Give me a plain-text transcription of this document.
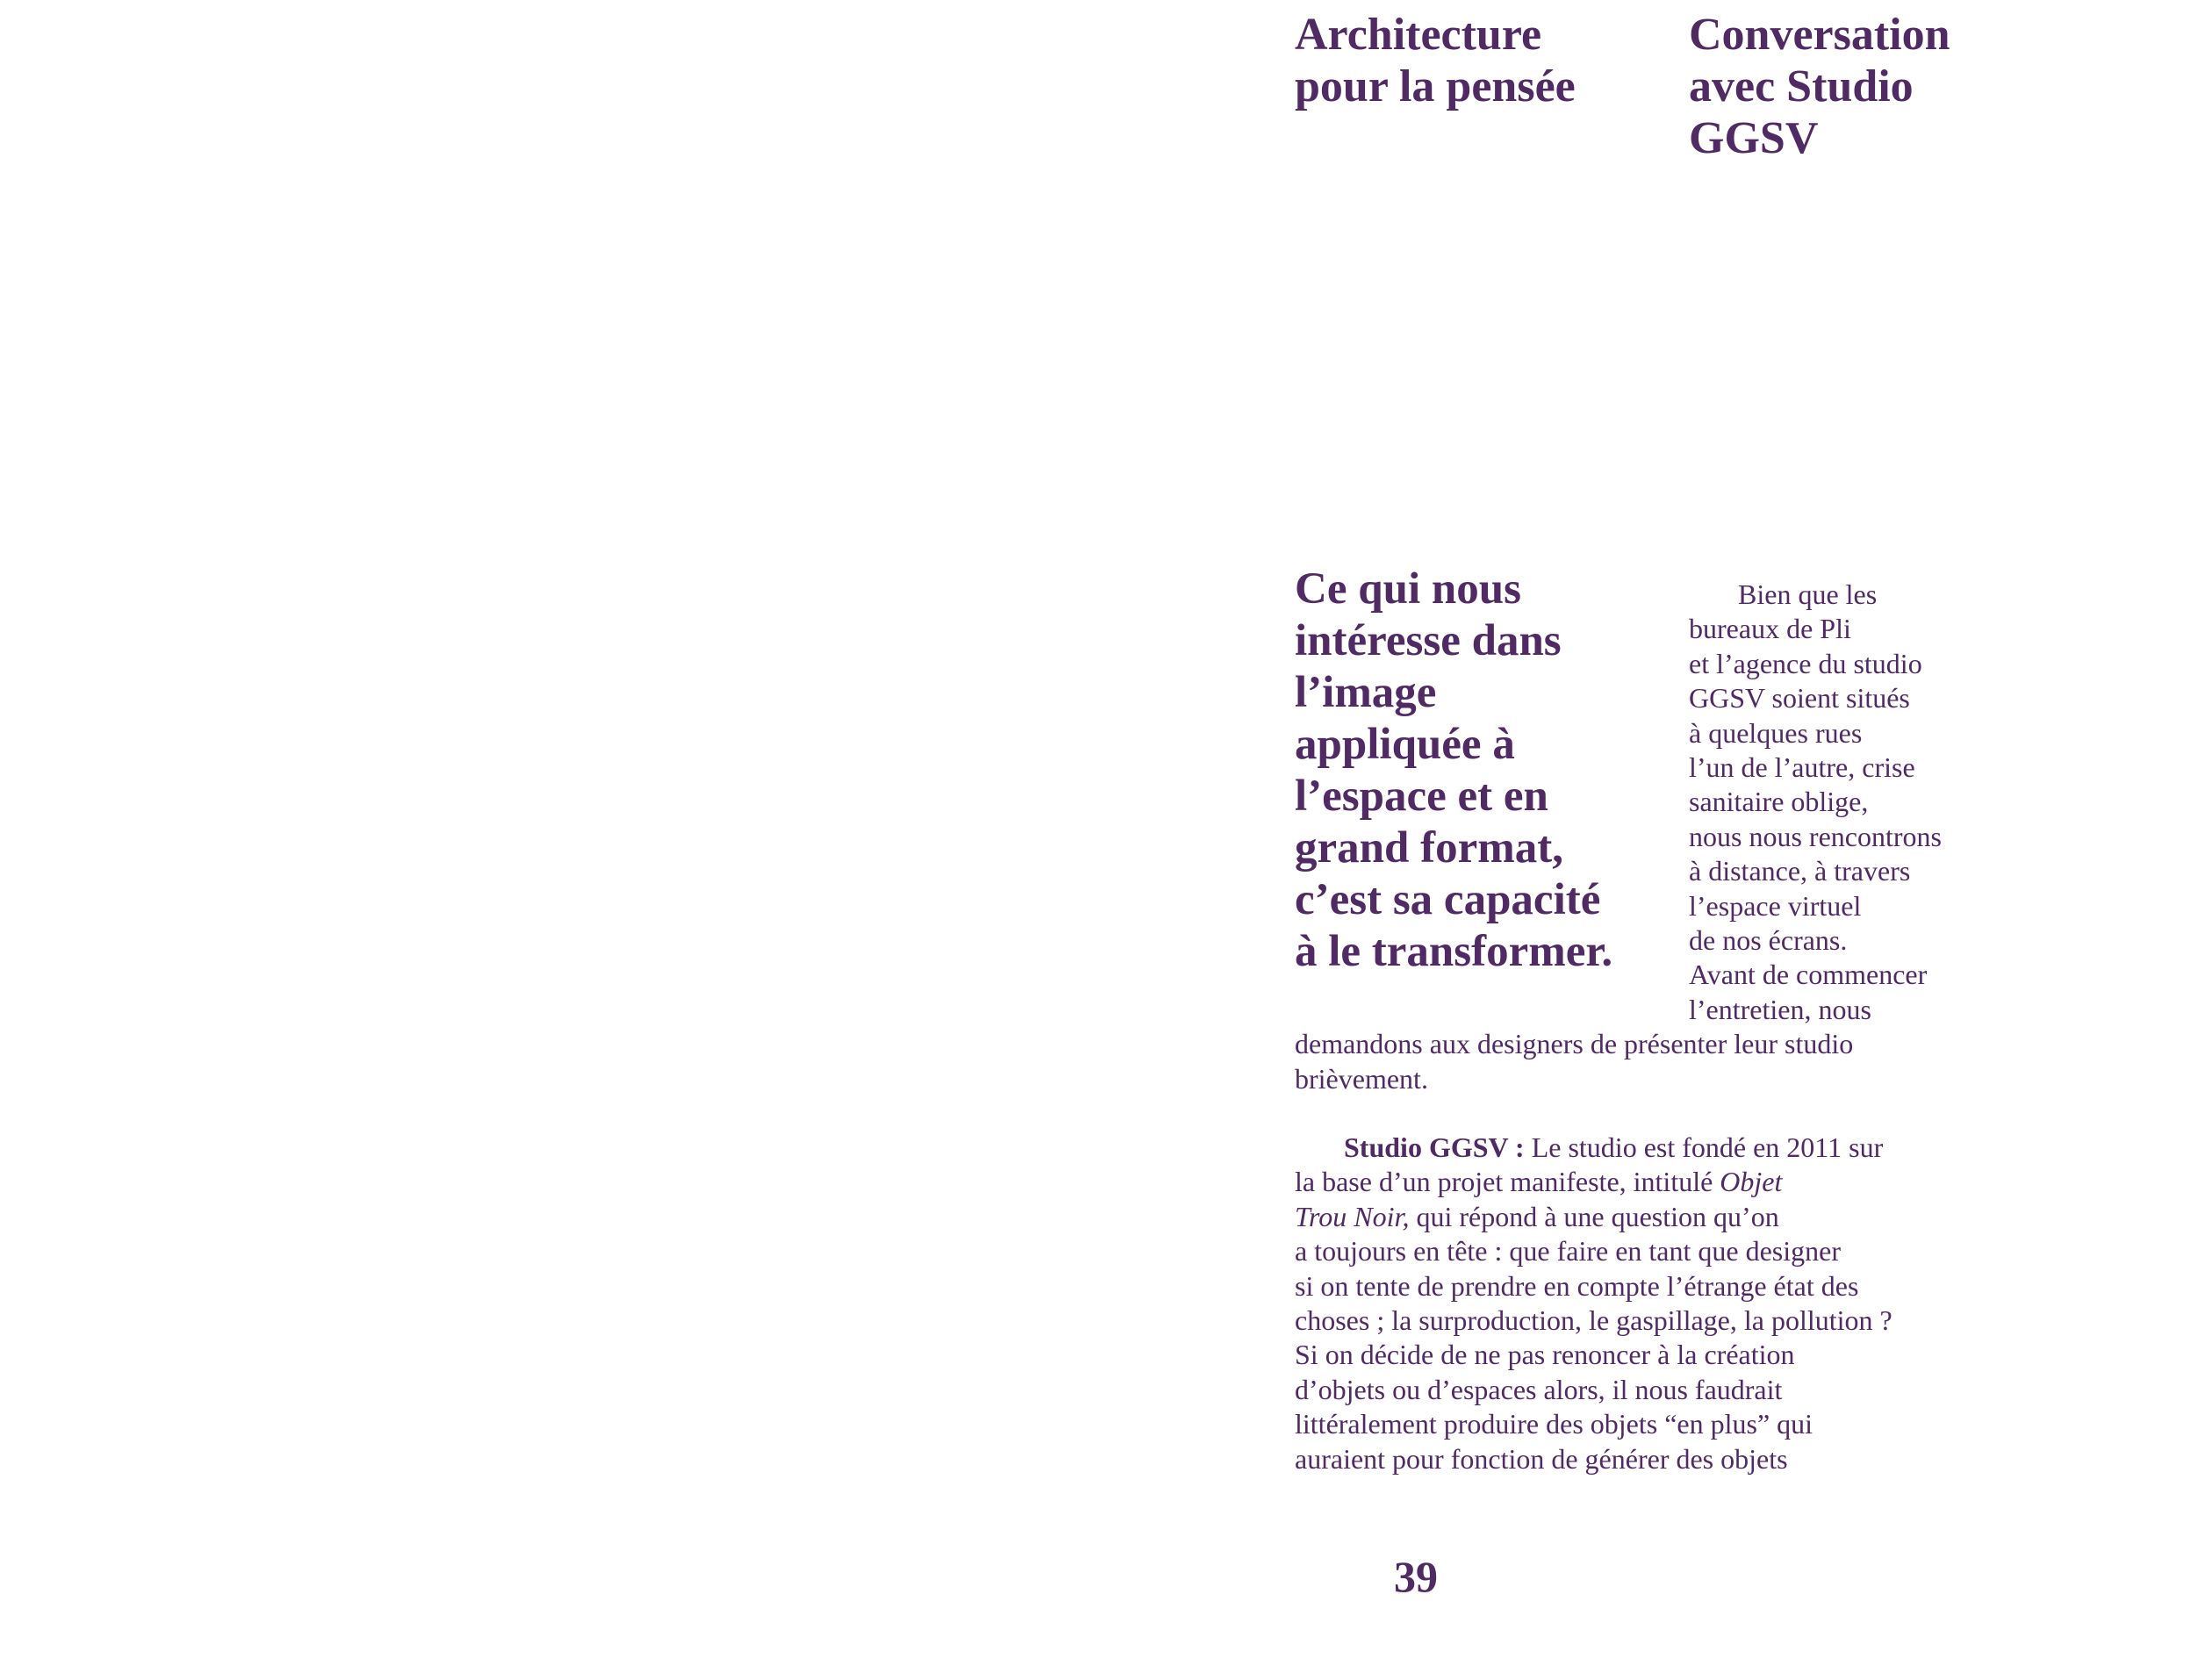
Architecture
pour la pensée
Conversation
avec Studio
GGSV
Ce qui nous
intéresse dans
l’image
appliquée à
l’espace et en
grand format,
c’est sa capacité
à le transformer.
Bien que les
bureaux de Pli
et l’agence du studio
GGSV soient situés
à quelques rues
l’un de l’autre, crise
sanitaire oblige,
nous nous rencontrons
à distance, à travers
l’espace virtuel
de nos écrans.
Avant de commencer
l’entretien, nous
demandons aux designers de présenter leur studio
brièvement.
Studio GGSV : Le studio est fondé en 2011 sur
la base d’un projet manifeste, intitulé Objet
Trou Noir, qui répond à une question qu’on
a toujours en tête : que faire en tant que designer
si on tente de prendre en compte l’étrange état des
choses ; la surproduction, le gaspillage, la pollution ?
Si on décide de ne pas renoncer à la création
d’objets ou d’espaces alors, il nous faudrait
littéralement produire des objets “en plus” qui
auraient pour fonction de générer des objets
39
